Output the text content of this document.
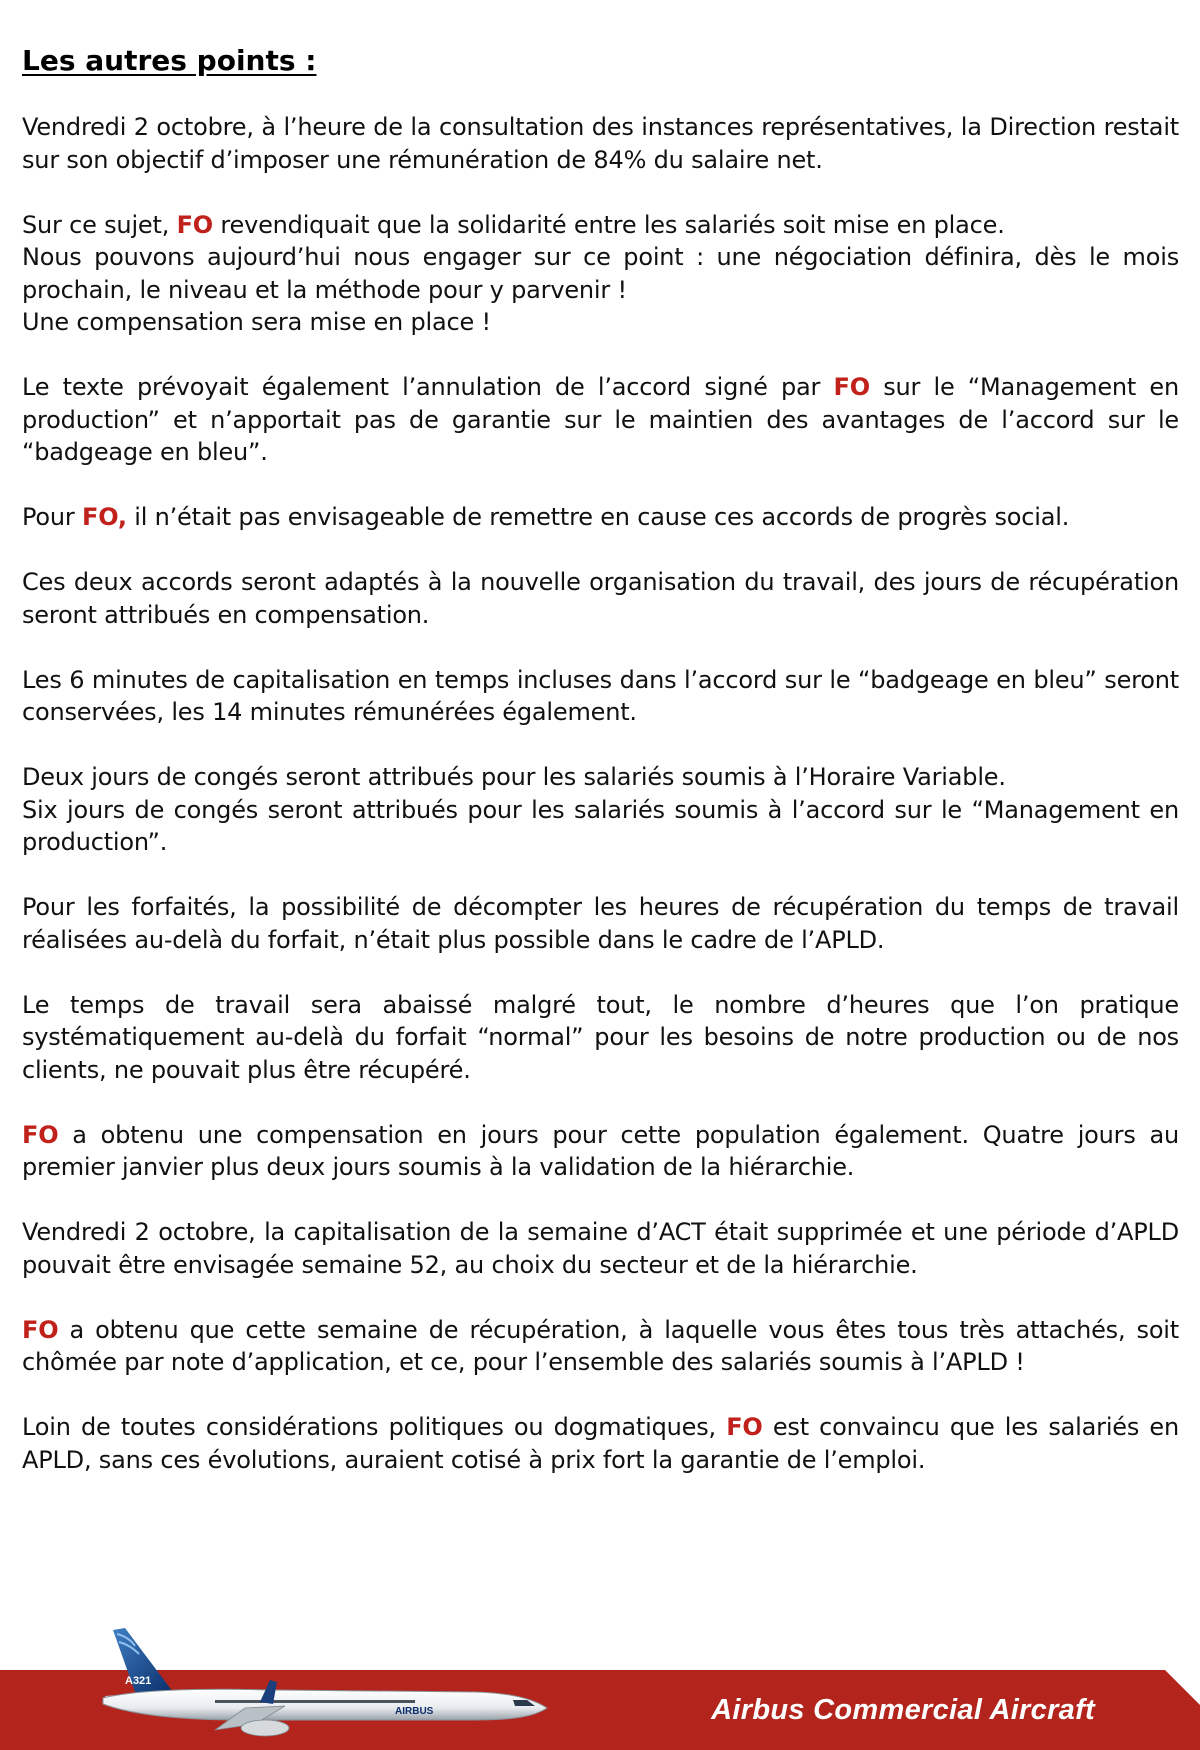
Les autres points :
Vendredi 2 octobre, à l’heure de la consultation des instances représentatives, la Direction restait sur son objectif d’imposer une rémunération de 84% du salaire net.
Sur ce sujet, FO revendiquait que la solidarité entre les salariés soit mise en place.
Nous pouvons aujourd’hui nous engager sur ce point : une négociation définira, dès le mois prochain, le niveau et la méthode pour y parvenir !
Une compensation sera mise en place !
Le texte prévoyait également l’annulation de l’accord signé par FO sur le “Management en production” et n’apportait pas de garantie sur le maintien des avantages de l’accord sur le “badgeage en bleu”.
Pour FO, il n’était pas envisageable de remettre en cause ces accords de progrès social.
Ces deux accords seront adaptés à la nouvelle organisation du travail, des jours de récupération seront attribués en compensation.
Les 6 minutes de capitalisation en temps incluses dans l’accord sur le “badgeage en bleu” seront conservées, les 14 minutes rémunérées également.
Deux jours de congés seront attribués pour les salariés soumis à l’Horaire Variable.
Six jours de congés seront attribués pour les salariés soumis à l’accord sur le “Management en production”.
Pour les forfaités, la possibilité de décompter les heures de récupération du temps de travail réalisées au-delà du forfait, n’était plus possible dans le cadre de l’APLD.
Le temps de travail sera abaissé malgré tout, le nombre d’heures que l’on pratique systématiquement au-delà du forfait “normal” pour les besoins de notre production ou de nos clients, ne pouvait plus être récupéré.
FO a obtenu une compensation en jours pour cette population également. Quatre jours au premier janvier plus deux jours soumis à la validation de la hiérarchie.
Vendredi 2 octobre, la capitalisation de la semaine d’ACT était supprimée et une période d’APLD pouvait être envisagée semaine 52, au choix du secteur et de la hiérarchie.
FO a obtenu que cette semaine de récupération, à laquelle vous êtes tous très attachés, soit chômée par note d’application, et ce, pour l’ensemble des salariés soumis à l’APLD !
Loin de toutes considérations politiques ou dogmatiques, FO est convaincu que les salariés en APLD, sans ces évolutions, auraient cotisé à prix fort la garantie de l’emploi.
Airbus Commercial Aircraft
A321
AIRBUS
